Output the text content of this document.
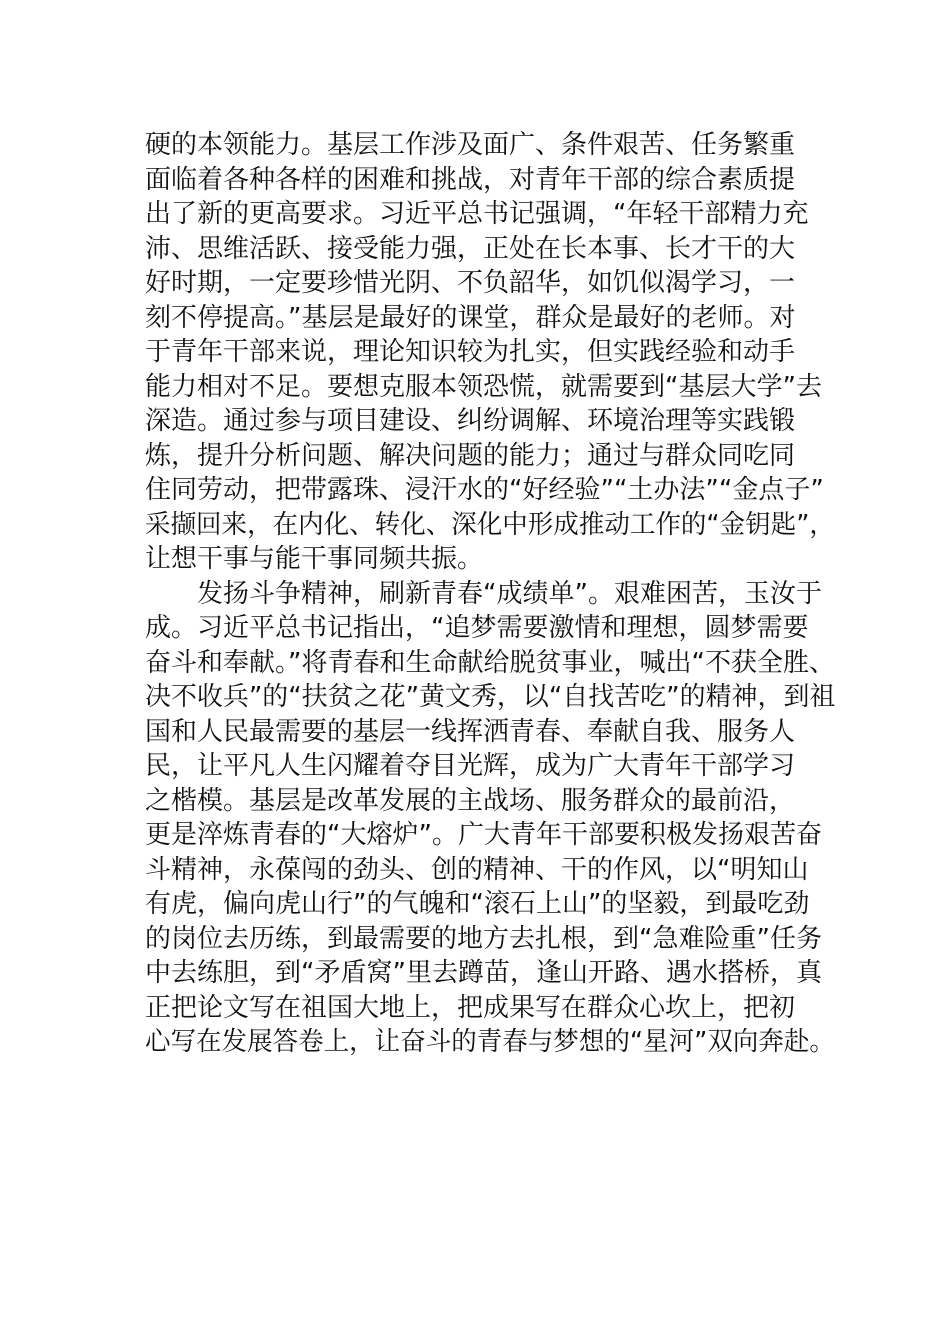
硬的本领能力。基层工作涉及面广、条件艰苦、任务繁重
面临着各种各样的困难和挑战，对青年干部的综合素质提
出了新的更高要求。习近平总书记强调，“年轻干部精力充
沛、思维活跃、接受能力强，正处在长本事、长才干的大
好时期，一定要珍惜光阴、不负韶华，如饥似渴学习，一
刻不停提高。”基层是最好的课堂，群众是最好的老师。对
于青年干部来说，理论知识较为扎实，但实践经验和动手
能力相对不足。要想克服本领恐慌，就需要到“基层大学”去
深造。通过参与项目建设、纠纷调解、环境治理等实践锻
炼，提升分析问题、解决问题的能力；通过与群众同吃同
住同劳动，把带露珠、浸汗水的“好经验”“土办法”“金点子”
采撷回来，在内化、转化、深化中形成推动工作的“金钥匙”，
让想干事与能干事同频共振。

发扬斗争精神，刷新青春“成绩单”。艰难困苦，玉汝于
成。习近平总书记指出，“追梦需要激情和理想，圆梦需要
奋斗和奉献。”将青春和生命献给脱贫事业，喊出“不获全胜、
决不收兵”的“扶贫之花”黄文秀，以“自找苦吃”的精神，到祖
国和人民最需要的基层一线挥洒青春、奉献自我、服务人
民，让平凡人生闪耀着夺目光辉，成为广大青年干部学习
之楷模。基层是改革发展的主战场、服务群众的最前沿，
更是淬炼青春的“大熔炉”。广大青年干部要积极发扬艰苦奋
斗精神，永葆闯的劲头、创的精神、干的作风，以“明知山
有虎，偏向虎山行”的气魄和“滚石上山”的坚毅，到最吃劲
的岗位去历练，到最需要的地方去扎根，到“急难险重”任务
中去练胆，到“矛盾窝”里去蹲苗，逢山开路、遇水搭桥，真
正把论文写在祖国大地上，把成果写在群众心坎上，把初
心写在发展答卷上，让奋斗的青春与梦想的“星河”双向奔赴。
